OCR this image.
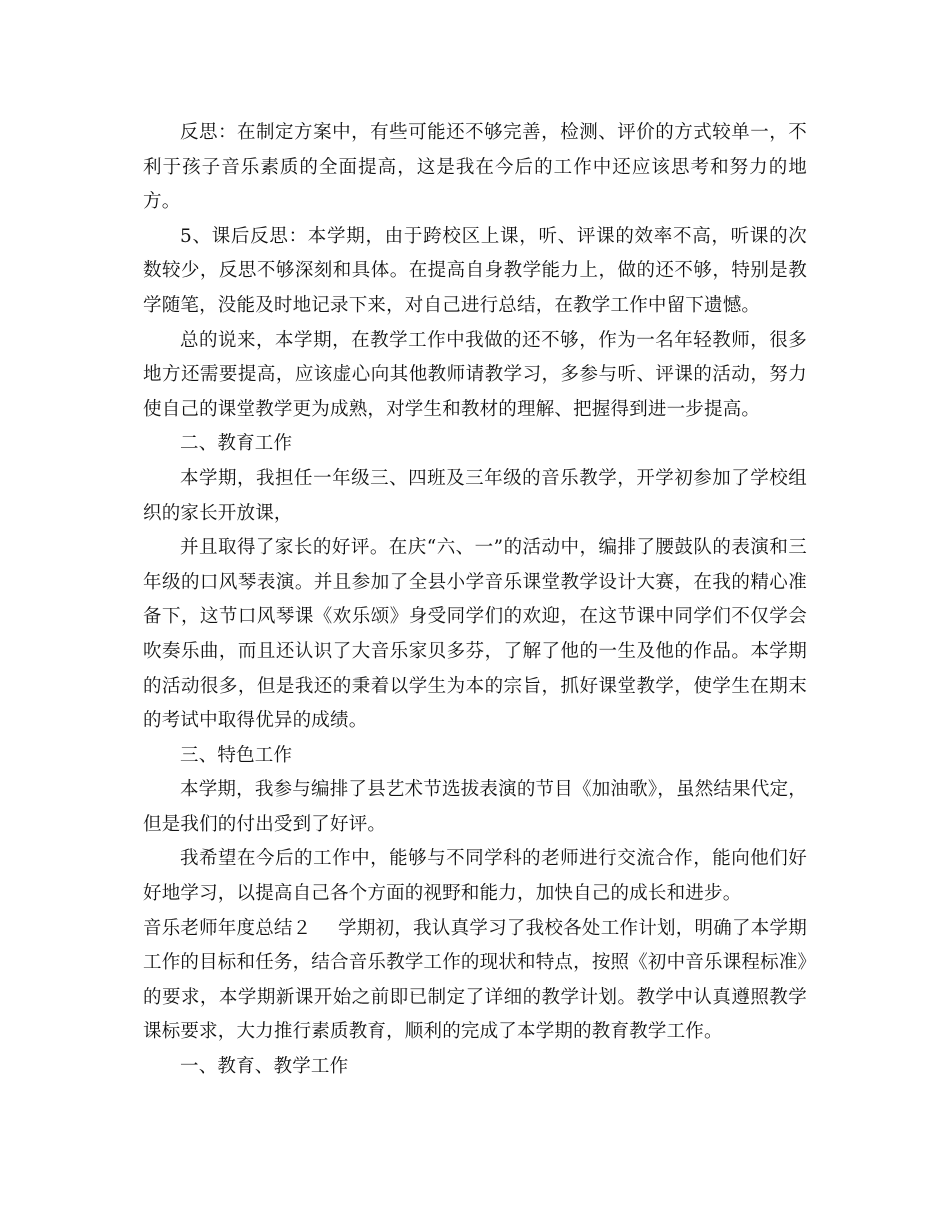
反思：在制定方案中，有些可能还不够完善，检测、评价的方式较单一，不利于孩子音乐素质的全面提高，这是我在今后的工作中还应该思考和努力的地方。

5、课后反思：本学期，由于跨校区上课，听、评课的效率不高，听课的次数较少，反思不够深刻和具体。在提高自身教学能力上，做的还不够，特别是教学随笔，没能及时地记录下来，对自己进行总结，在教学工作中留下遗憾。

总的说来，本学期，在教学工作中我做的还不够，作为一名年轻教师，很多地方还需要提高，应该虚心向其他教师请教学习，多参与听、评课的活动，努力使自己的课堂教学更为成熟，对学生和教材的理解、把握得到进一步提高。

二、教育工作

本学期，我担任一年级三、四班及三年级的音乐教学，开学初参加了学校组织的家长开放课，

并且取得了家长的好评。在庆“六、一”的活动中，编排了腰鼓队的表演和三年级的口风琴表演。并且参加了全县小学音乐课堂教学设计大赛，在我的精心准备下，这节口风琴课《欢乐颂》身受同学们的欢迎，在这节课中同学们不仅学会吹奏乐曲，而且还认识了大音乐家贝多芬，了解了他的一生及他的作品。本学期的活动很多，但是我还的秉着以学生为本的宗旨，抓好课堂教学，使学生在期末的考试中取得优异的成绩。

三、特色工作

本学期，我参与编排了县艺术节选拔表演的节目《加油歌》，虽然结果代定，但是我们的付出受到了好评。

我希望在今后的工作中，能够与不同学科的老师进行交流合作，能向他们好好地学习，以提高自己各个方面的视野和能力，加快自己的成长和进步。

音乐老师年度总结２ 学期初，我认真学习了我校各处工作计划，明确了本学期工作的目标和任务，结合音乐教学工作的现状和特点，按照《初中音乐课程标准》的要求，本学期新课开始之前即已制定了详细的教学计划。教学中认真遵照教学课标要求，大力推行素质教育，顺利的完成了本学期的教育教学工作。

一、教育、教学工作
